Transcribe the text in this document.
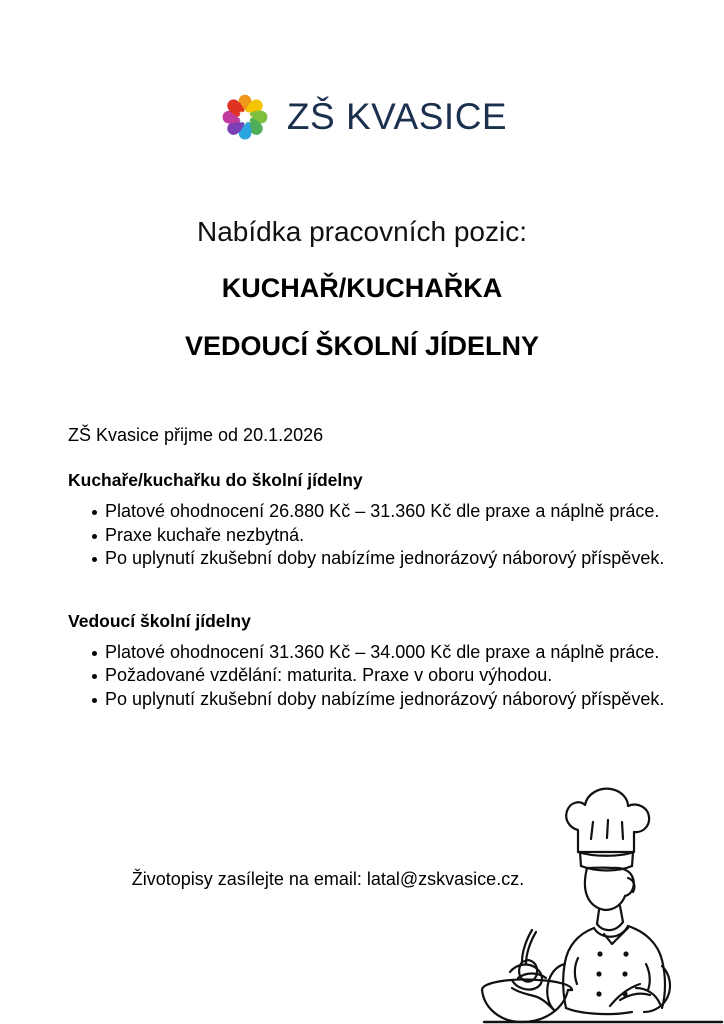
ZŠ KVASICE
Nabídka pracovních pozic:
KUCHAŘ/KUCHAŘKA
VEDOUCÍ ŠKOLNÍ JÍDELNY

ZŠ Kvasice přijme od 20.1.2026

Kuchaře/kuchařku do školní jídelny
Platové ohodnocení 26.880 Kč – 31.360 Kč dle praxe a náplně práce.
Praxe kuchaře nezbytná.
Po uplynutí zkušební doby nabízíme jednorázový náborový příspěvek.
Vedoucí školní jídelny
Platové ohodnocení 31.360 Kč – 34.000 Kč dle praxe a náplně práce.
Požadované vzdělání: maturita. Praxe v oboru výhodou.
Po uplynutí zkušební doby nabízíme jednorázový náborový příspěvek.
Životopisy zasílejte na email: latal@zskvasice.cz.
